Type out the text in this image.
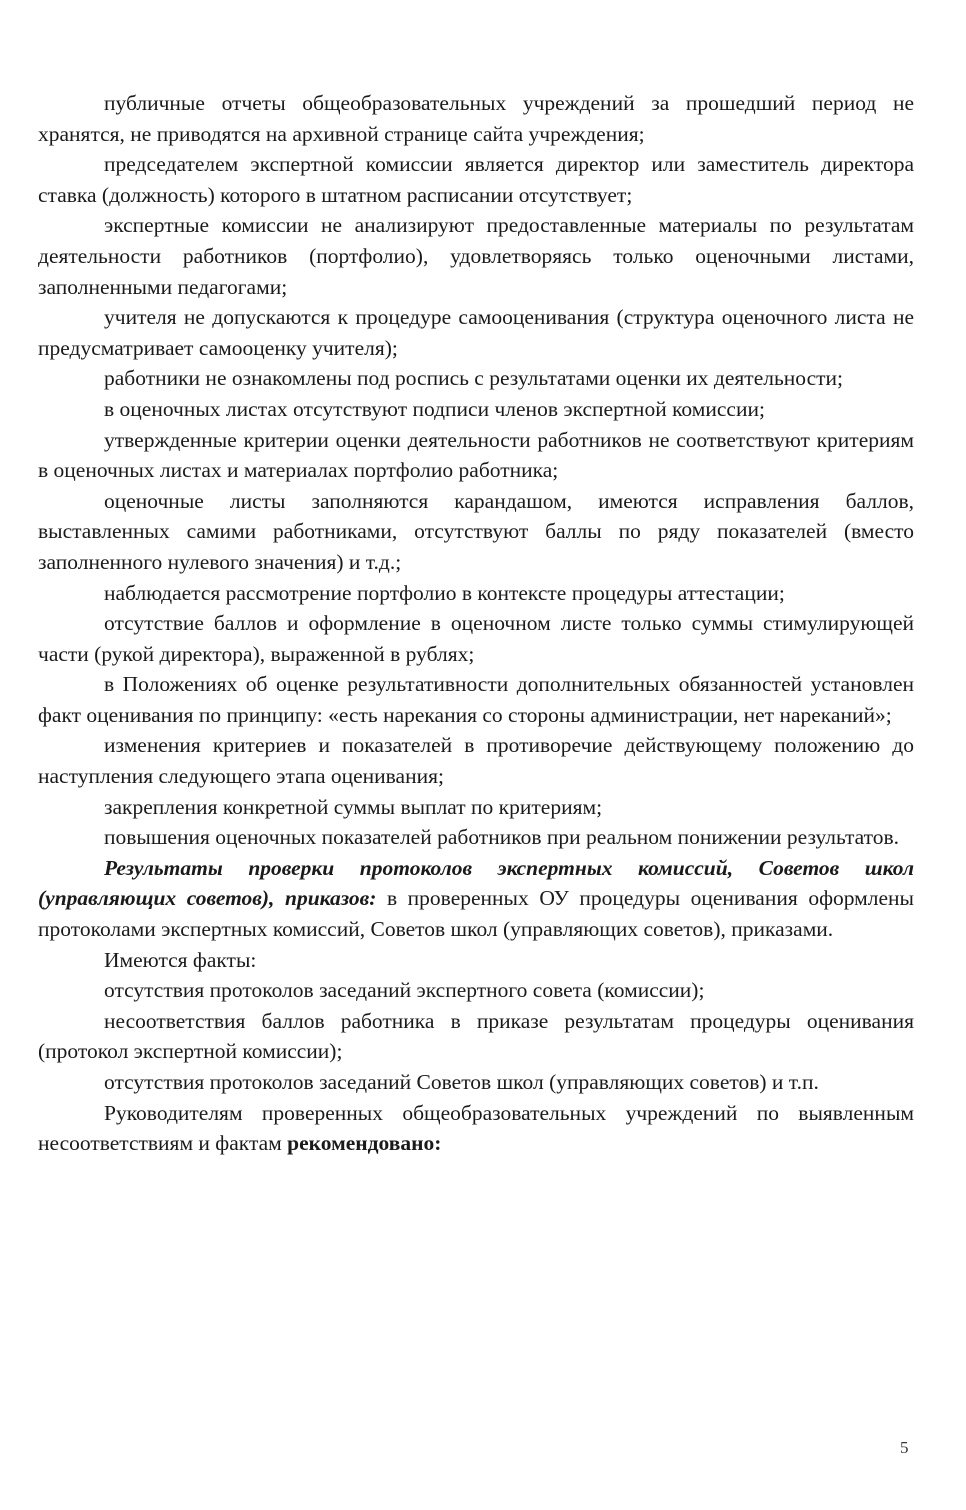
публичные отчеты общеобразовательных учреждений за прошедший период не хранятся, не приводятся на архивной странице сайта учреждения;

председателем экспертной комиссии является директор или заместитель директора ставка (должность) которого в штатном расписании отсутствует;

экспертные комиссии не анализируют предоставленные материалы по результатам деятельности работников (портфолио), удовлетворяясь только оценочными листами, заполненными педагогами;

учителя не допускаются к процедуре самооценивания (структура оценочного листа не предусматривает самооценку учителя);

работники не ознакомлены под роспись с результатами оценки их деятельности;

в оценочных листах отсутствуют подписи членов экспертной комиссии;

утвержденные критерии оценки деятельности работников не соответствуют критериям в оценочных листах и материалах портфолио работника;

оценочные листы заполняются карандашом, имеются исправления баллов, выставленных самими работниками, отсутствуют баллы по ряду показателей (вместо заполненного нулевого значения) и т.д.;

наблюдается рассмотрение портфолио в контексте процедуры аттестации;

отсутствие баллов и оформление в оценочном листе только суммы стимулирующей части (рукой директора), выраженной в рублях;

в Положениях об оценке результативности дополнительных обязанностей установлен факт оценивания по принципу: «есть нарекания со стороны администрации, нет нареканий»;

изменения критериев и показателей в противоречие действующему положению до наступления следующего этапа оценивания;

закрепления конкретной суммы выплат по критериям;

повышения оценочных показателей работников при реальном понижении результатов.

Результаты проверки протоколов экспертных комиссий, Советов школ (управляющих советов), приказов: в проверенных ОУ процедуры оценивания оформлены протоколами экспертных комиссий, Советов школ (управляющих советов), приказами.

Имеются факты:

отсутствия протоколов заседаний экспертного совета (комиссии);

несоответствия баллов работника в приказе результатам процедуры оценивания (протокол экспертной комиссии);

отсутствия протоколов заседаний Советов школ (управляющих советов) и т.п.

Руководителям проверенных общеобразовательных учреждений по выявленным несоответствиям и фактам рекомендовано:

5
